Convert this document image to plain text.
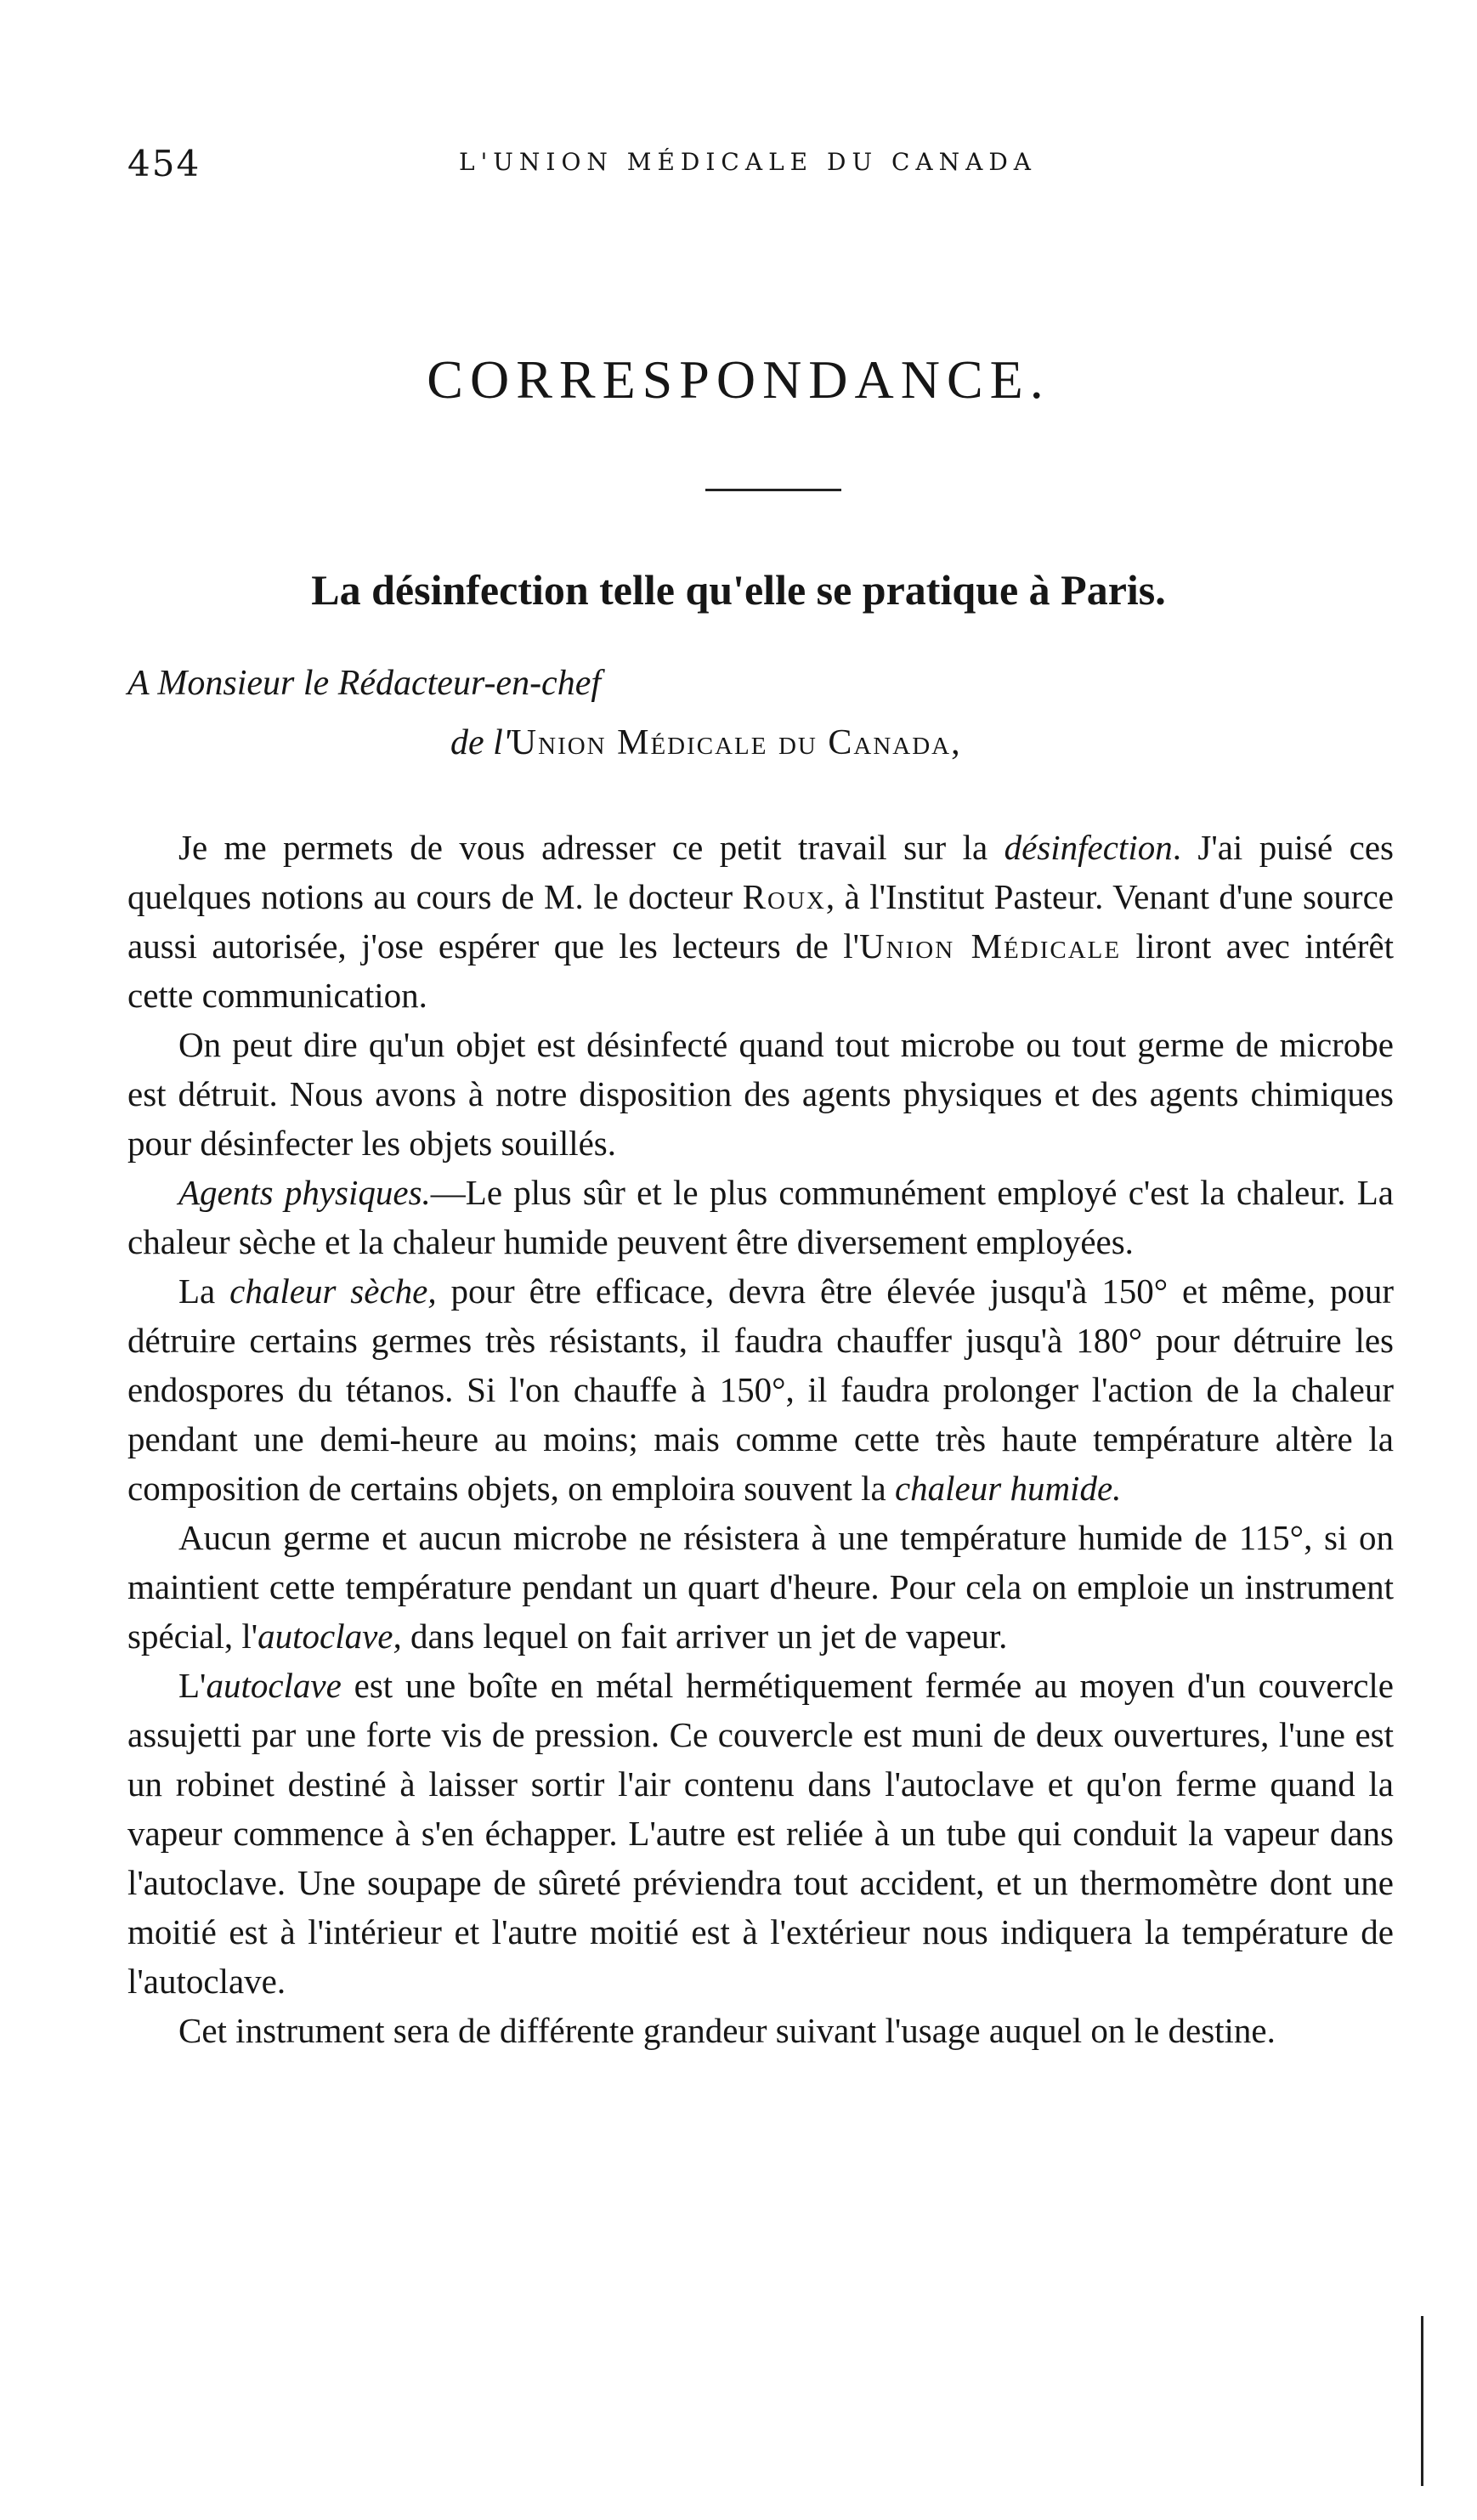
454	L'UNION MÉDICALE DU CANADA
CORRESPONDANCE.
La désinfection telle qu'elle se pratique à Paris.
A Monsieur le Rédacteur-en-chef
de l'Union Médicale du Canada,

Je me permets de vous adresser ce petit travail sur la désinfection. J'ai puisé ces quelques notions au cours de M. le docteur Roux, à l'Institut Pasteur. Venant d'une source aussi autorisée, j'ose espérer que les lecteurs de l'Union Médicale liront avec intérêt cette communication.

On peut dire qu'un objet est désinfecté quand tout microbe ou tout germe de microbe est détruit. Nous avons à notre disposition des agents physiques et des agents chimiques pour désinfecter les objets souillés.

Agents physiques.—Le plus sûr et le plus communément employé c'est la chaleur. La chaleur sèche et la chaleur humide peuvent être diversement employées.

La chaleur sèche, pour être efficace, devra être élevée jusqu'à 150° et même, pour détruire certains germes très résistants, il faudra chauffer jusqu'à 180° pour détruire les endospores du tétanos. Si l'on chauffe à 150°, il faudra prolonger l'action de la chaleur pendant une demi-heure au moins; mais comme cette très haute température altère la composition de certains objets, on emploira souvent la chaleur humide.

Aucun germe et aucun microbe ne résistera à une température humide de 115°, si on maintient cette température pendant un quart d'heure. Pour cela on emploie un instrument spécial, l'autoclave, dans lequel on fait arriver un jet de vapeur.

L'autoclave est une boîte en métal hermétiquement fermée au moyen d'un couvercle assujetti par une forte vis de pression. Ce couvercle est muni de deux ouvertures, l'une est un robinet destiné à laisser sortir l'air contenu dans l'autoclave et qu'on ferme quand la vapeur commence à s'en échapper. L'autre est reliée à un tube qui conduit la vapeur dans l'autoclave. Une soupape de sûreté préviendra tout accident, et un thermomètre dont une moitié est à l'intérieur et l'autre moitié est à l'extérieur nous indiquera la température de l'autoclave.

Cet instrument sera de différente grandeur suivant l'usage auquel on le destine.
